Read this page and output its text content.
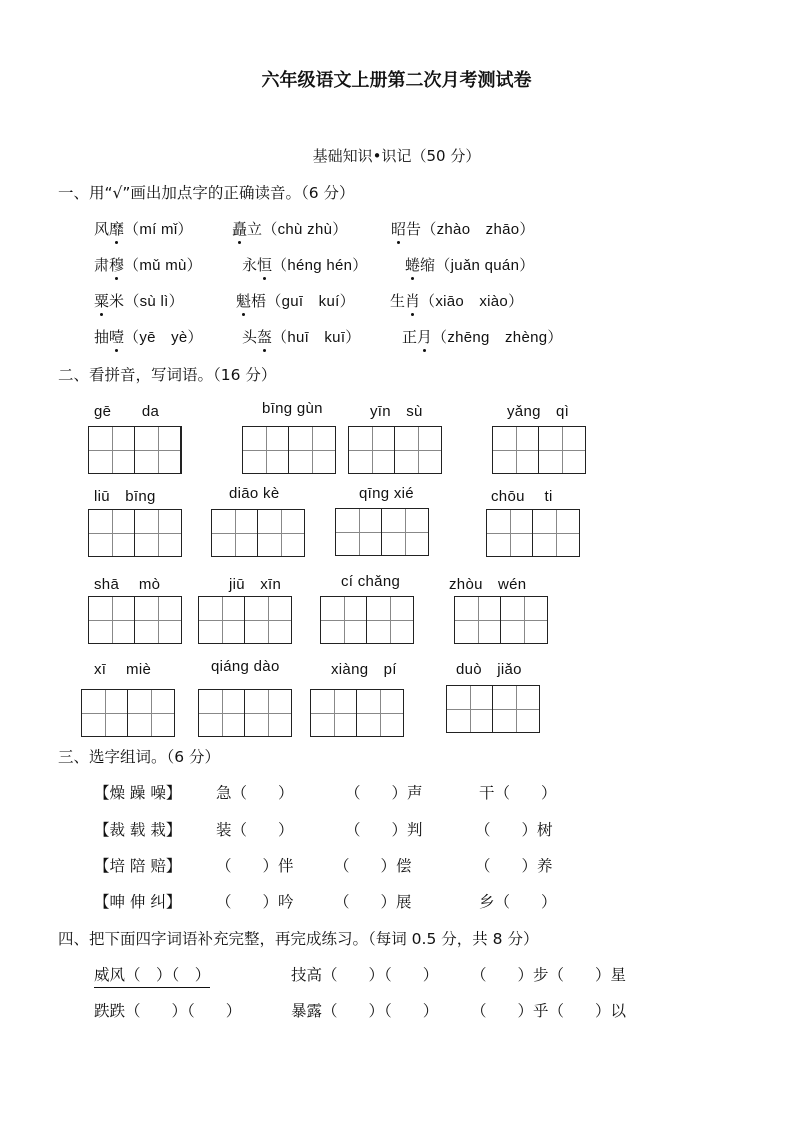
六年级语文上册第二次月考测试卷
基础知识•识记（50 分）
一、用“√”画出加点字的正确读音。（6 分）
风靡（mí mǐ）	矗立（chù zhù）	昭告（zhào　zhāo）
肃穆（mǔ mù）	永恒（héng hén） 蜷缩（juǎn quán）
粟米（sù lì）	魁梧（guī　kuí） 生肖（xiāo　xiào）
抽噎（yē　yè）	头盔（huī　kuī）	正月（zhēng　zhèng）
二、看拼音，写词语。（16 分）
gē　　da	bīng gùn	yīn　sù	yǎng　qì
liū　bīng	diāo kè	qīng xié	chōu　 ti
shā　 mò	jiū　xīn	cí chǎng	zhòu　wén
xī　 miè	qiáng dào	xiàng　pí	duò　jiǎo
三、选字组词。（6 分）
【燥 躁 噪】 急（　　）	（　　）声	干（　　）
【裁 载 栽】 装（　　）	（　　）判	（　　）树
【培 陪 赔】 （　　）伴	（　　）偿	（　　）养
【呻 伸 纠】 （　　）吟	（　　）展	乡（　　）
四、把下面四字词语补充完整，再完成练习。（每词 0.5 分，共 8 分）
威风（　）（　）	技高（　　）（　　） （　　）步（　　）星
跌跌（　　）（　　）	暴露（　　）（　　） （　　）乎（　　）以
